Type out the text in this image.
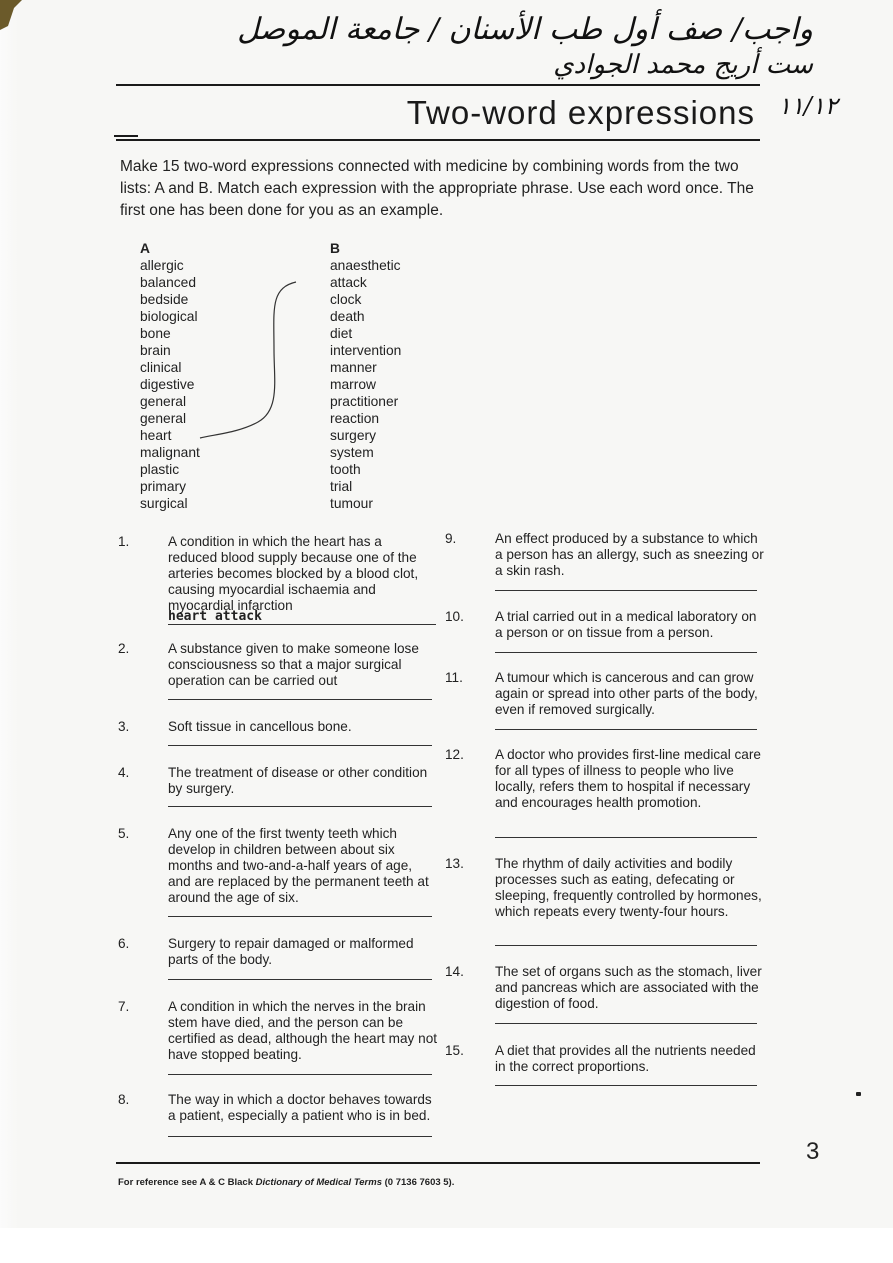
واجب/ صف أول طب الأسنان / جامعة الموصل
ست أريج محمد الجوادي
١١/١٢
Two-word expressions
Make 15 two-word expressions connected with medicine by combining words from the two lists: A and B. Match each expression with the appropriate phrase. Use each word once. The first one has been done for you as an example.
A
allergic
balanced
bedside
biological
bone
brain
clinical
digestive
general
general
heart
malignant
plastic
primary
surgical
B
anaesthetic
attack
clock
death
diet
intervention
manner
marrow
practitioner
reaction
surgery
system
tooth
trial
tumour
1.	A condition in which the heart has a reduced blood supply because one of the arteries becomes blocked by a blood clot, causing myocardial ischaemia and myocardial infarction
heart attack
2.	A substance given to make someone lose consciousness so that a major surgical operation can be carried out
3.	Soft tissue in cancellous bone.
4.	The treatment of disease or other condition by surgery.
5.	Any one of the first twenty teeth which develop in children between about six months and two-and-a-half years of age, and are replaced by the permanent teeth at around the age of six.
6.	Surgery to repair damaged or malformed parts of the body.
7.	A condition in which the nerves in the brain stem have died, and the person can be certified as dead, although the heart may not have stopped beating.
8.	The way in which a doctor behaves towards a patient, especially a patient who is in bed.
9.	An effect produced by a substance to which a person has an allergy, such as sneezing or a skin rash.
10. A trial carried out in a medical laboratory on a person or on tissue from a person.
11. A tumour which is cancerous and can grow again or spread into other parts of the body, even if removed surgically.
12. A doctor who provides first-line medical care for all types of illness to people who live locally, refers them to hospital if necessary and encourages health promotion.
13. The rhythm of daily activities and bodily processes such as eating, defecating or sleeping, frequently controlled by hormones, which repeats every twenty-four hours.
14. The set of organs such as the stomach, liver and pancreas which are associated with the digestion of food.
15. A diet that provides all the nutrients needed in the correct proportions.
3
For reference see A & C Black Dictionary of Medical Terms (0 7136 7603 5).
